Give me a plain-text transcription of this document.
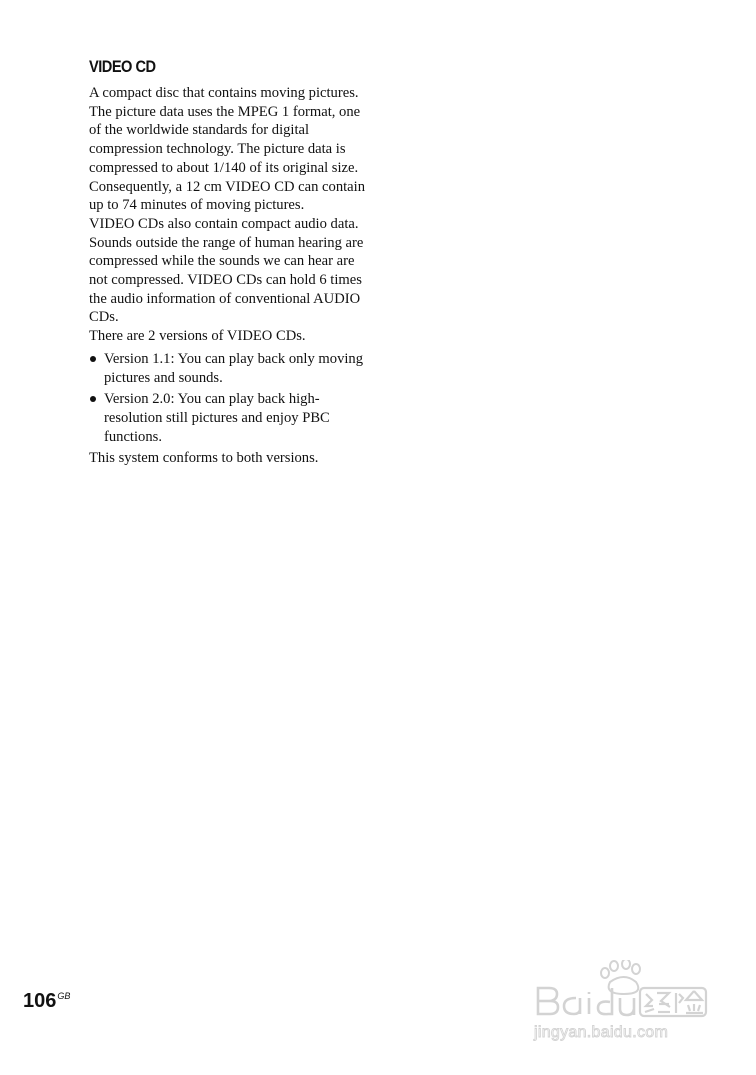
VIDEO CD

A compact disc that contains moving pictures.

The picture data uses the MPEG 1 format, one of the worldwide standards for digital compression technology. The picture data is compressed to about 1/140 of its original size. Consequently, a 12 cm VIDEO CD can contain up to 74 minutes of moving pictures.

VIDEO CDs also contain compact audio data.

Sounds outside the range of human hearing are compressed while the sounds we can hear are not compressed. VIDEO CDs can hold 6 times the audio information of conventional AUDIO CDs.

There are 2 versions of VIDEO CDs.

Version 1.1: You can play back only moving pictures and sounds.
Version 2.0: You can play back high-resolution still pictures and enjoy PBC functions.

This system conforms to both versions.

$106^{GB}$
jingyan.baidu.com
